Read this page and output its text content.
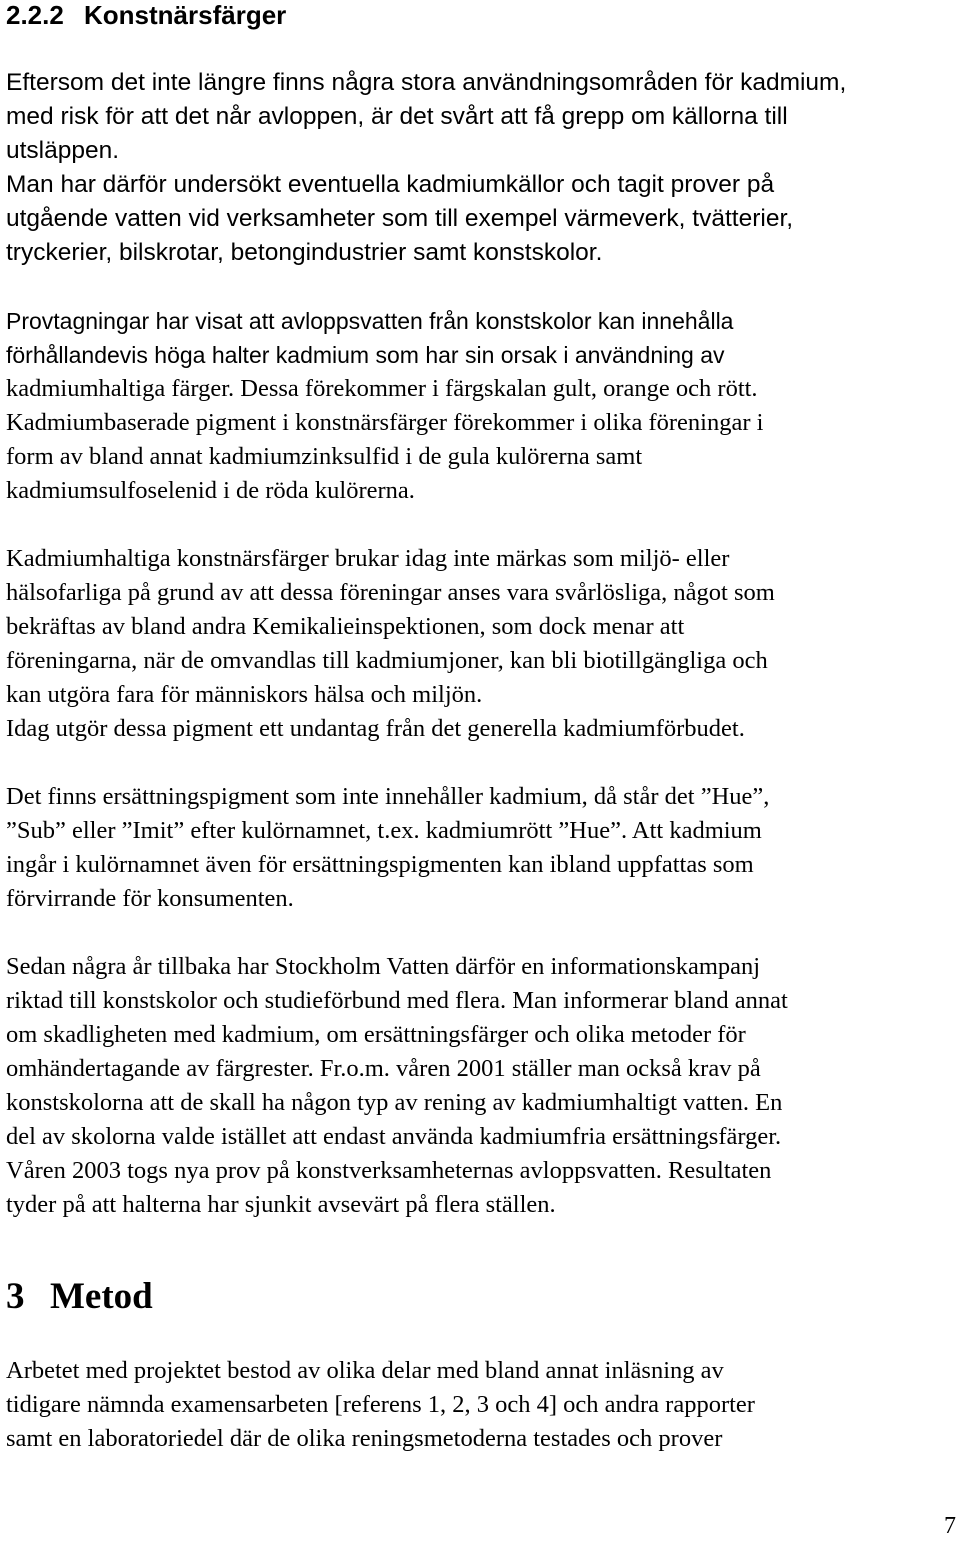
2.2.2 Konstnärsfärger
Eftersom det inte längre finns några stora användningsområden för kadmium,
med risk för att det når avloppen, är det svårt att få grepp om källorna till
utsläppen.
Man har därför undersökt eventuella kadmiumkällor och tagit prover på
utgående vatten vid verksamheter som till exempel värmeverk, tvätterier,
tryckerier, bilskrotar, betongindustrier samt konstskolor.
Provtagningar har visat att avloppsvatten från konstskolor kan innehålla
förhållandevis höga halter kadmium som har sin orsak i användning av
kadmiumhaltiga färger. Dessa förekommer i färgskalan gult, orange och rött.
Kadmiumbaserade pigment i konstnärsfärger förekommer i olika föreningar i
form av bland annat kadmiumzinksulfid i de gula kulörerna samt
kadmiumsulfoselenid i de röda kulörerna.
Kadmiumhaltiga konstnärsfärger brukar idag inte märkas som miljö- eller
hälsofarliga på grund av att dessa föreningar anses vara svårlösliga, något som
bekräftas av bland andra Kemikalieinspektionen, som dock menar att
föreningarna, när de omvandlas till kadmiumjoner, kan bli biotillgängliga och
kan utgöra fara för människors hälsa och miljön.
Idag utgör dessa pigment ett undantag från det generella kadmiumförbudet.
Det finns ersättningspigment som inte innehåller kadmium, då står det ”Hue”,
”Sub” eller ”Imit” efter kulörnamnet, t.ex. kadmiumrött ”Hue”. Att kadmium
ingår i kulörnamnet även för ersättningspigmenten kan ibland uppfattas som
förvirrande för konsumenten.
Sedan några år tillbaka har Stockholm Vatten därför en informationskampanj
riktad till konstskolor och studieförbund med flera. Man informerar bland annat
om skadligheten med kadmium, om ersättningsfärger och olika metoder för
omhändertagande av färgrester. Fr.o.m. våren 2001 ställer man också krav på
konstskolorna att de skall ha någon typ av rening av kadmiumhaltigt vatten. En
del av skolorna valde istället att endast använda kadmiumfria ersättningsfärger.
Våren 2003 togs nya prov på konstverksamheternas avloppsvatten. Resultaten
tyder på att halterna har sjunkit avsevärt på flera ställen.
3 Metod
Arbetet med projektet bestod av olika delar med bland annat inläsning av
tidigare nämnda examensarbeten [referens 1, 2, 3 och 4] och andra rapporter
samt en laboratoriedel där de olika reningsmetoderna testades och prover
7
